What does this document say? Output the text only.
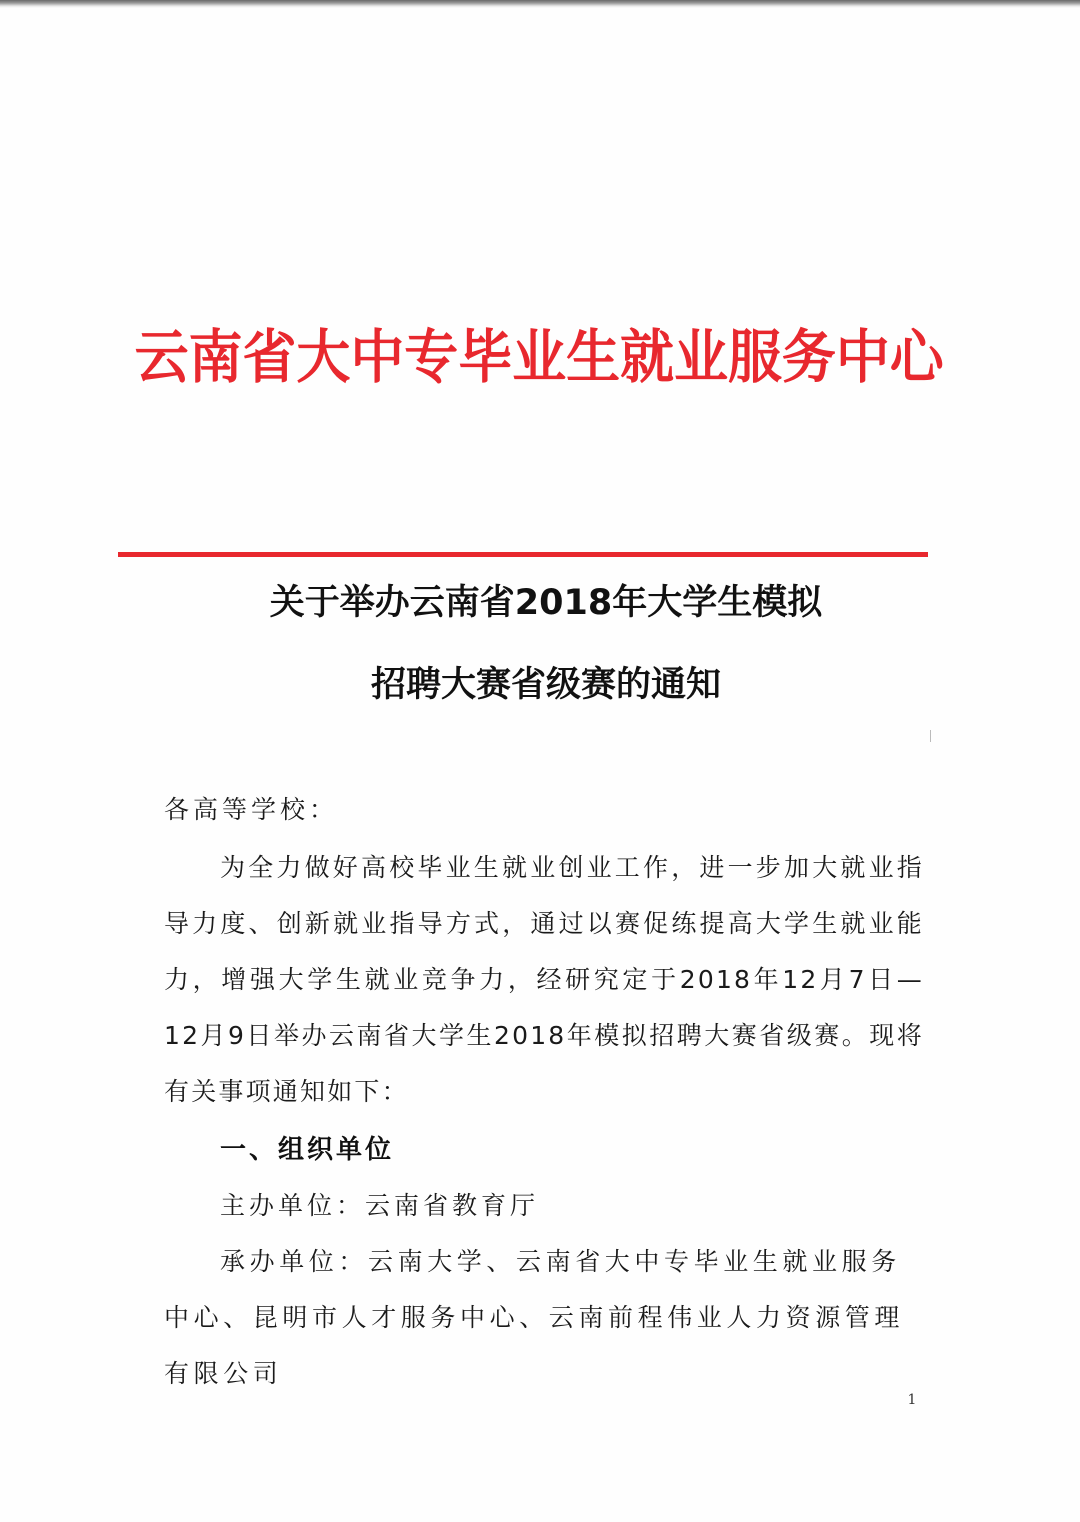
云南省大中专毕业生就业服务中心
关于举办云南省2018年大学生模拟
招聘大赛省级赛的通知
各高等学校：
为全力做好高校毕业生就业创业工作，进一步加大就业指导力度、创新就业指导方式，通过以赛促练提高大学生就业能力，增强大学生就业竞争力，经研究定于2018年12月7日—12月9日举办云南省大学生2018年模拟招聘大赛省级赛。现将有关事项通知如下：
一、组织单位
主办单位：云南省教育厅
承办单位：云南大学、云南省大中专毕业生就业服务中心、昆明市人才服务中心、云南前程伟业人力资源管理有限公司
1
